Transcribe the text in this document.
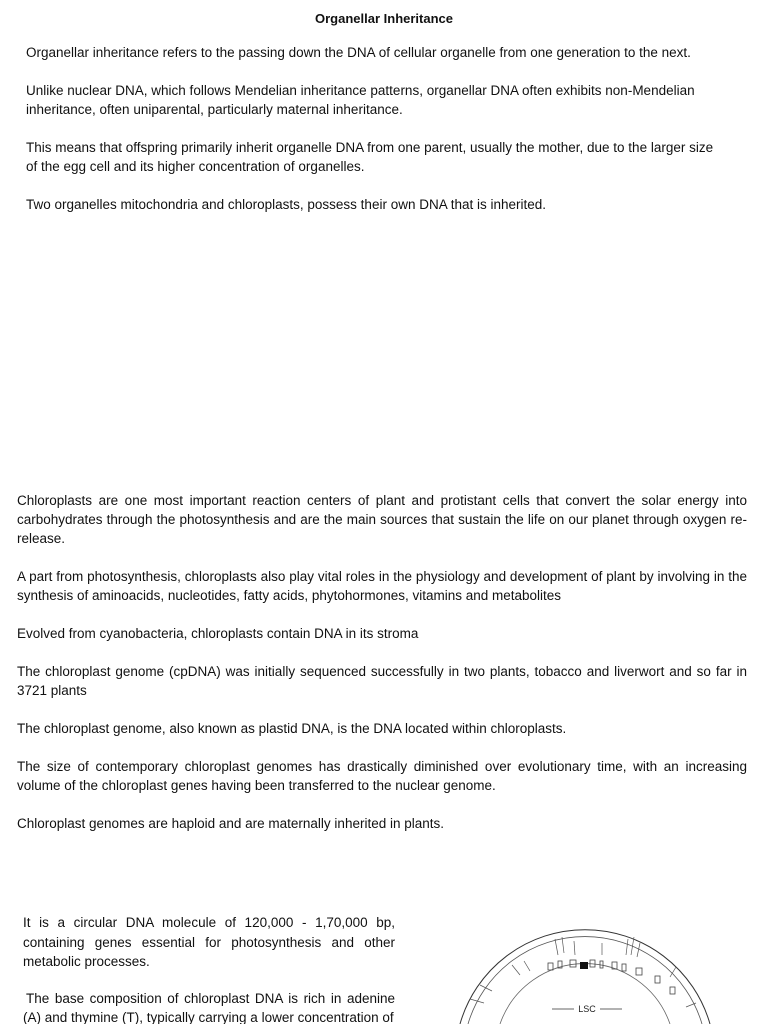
Organellar Inheritance

Organellar inheritance refers to the passing down the DNA of cellular organelle from one generation to the next.

Unlike nuclear DNA, which follows Mendelian inheritance patterns, organellar DNA often exhibits non-Mendelian inheritance, often uniparental, particularly maternal inheritance.

This means that offspring primarily inherit organelle DNA from one parent, usually the mother, due to the larger size of the egg cell and its higher concentration of organelles.

Two organelles mitochondria and chloroplasts, possess their own DNA that is inherited.

Chloroplasts are one most important reaction centers of plant and protistant cells that convert the solar energy into carbohydrates through the photosynthesis and are the main sources that sustain the life on our planet through oxygen re-release.

A part from photosynthesis, chloroplasts also play vital roles in the physiology and development of plant by involving in the synthesis of aminoacids, nucleotides, fatty acids, phytohormones, vitamins and metabolites

Evolved from cyanobacteria, chloroplasts contain DNA in its stroma

The chloroplast genome (cpDNA) was initially sequenced successfully in two plants, tobacco and liverwort and so far in 3721 plants

The chloroplast genome, also known as plastid DNA, is the DNA located within chloroplasts.

The size of contemporary chloroplast genomes has drastically diminished over evolutionary time, with an increasing volume of the chloroplast genes having been transferred to the nuclear genome.

Chloroplast genomes are haploid and are maternally inherited in plants.

It is a circular DNA molecule of 120,000 - 1,70,000 bp, containing genes essential for photosynthesis and other metabolic processes.

The base composition of chloroplast DNA is rich in adenine (A) and thymine (T), typically carrying a lower concentration of

LSC
